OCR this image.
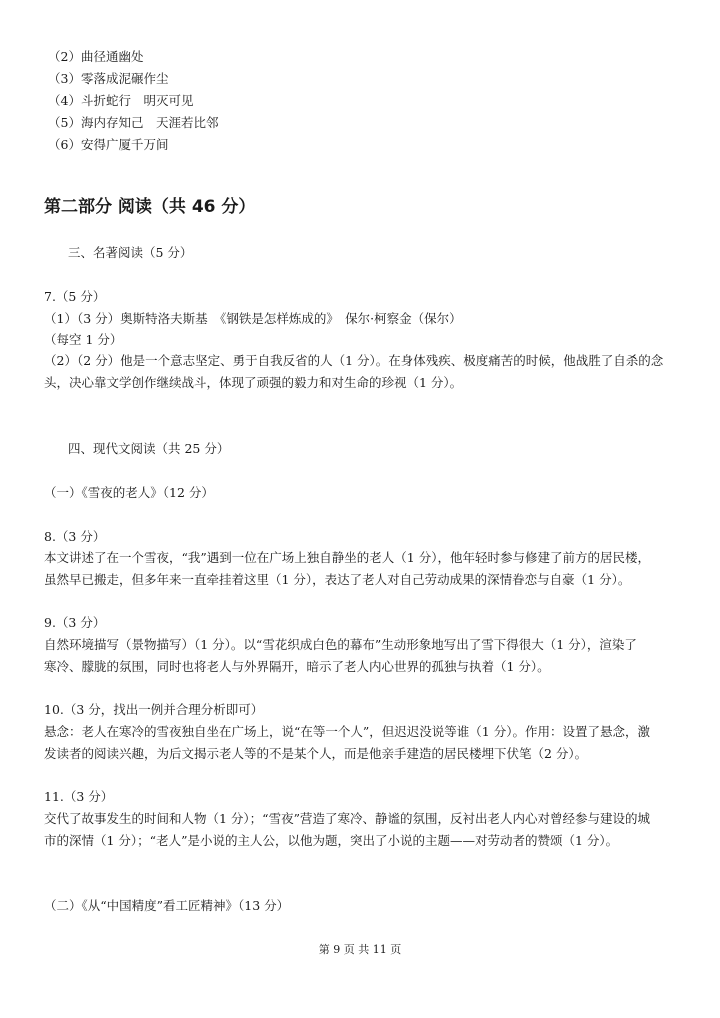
（2）曲径通幽处
（3）零落成泥碾作尘
（4）斗折蛇行　明灭可见
（5）海内存知己　天涯若比邻
（6）安得广厦千万间
第二部分 阅读（共 46 分）
三、名著阅读（5 分）
7.（5 分）
（1）（3 分）奥斯特洛夫斯基　《钢铁是怎样炼成的》　保尔·柯察金（保尔）
（每空 1 分）
（2）（2 分）他是一个意志坚定、勇于自我反省的人（1 分）。在身体残疾、极度痛苦的时候，他战胜了自杀的念
头，决心靠文学创作继续战斗，体现了顽强的毅力和对生命的珍视（1 分）。
四、现代文阅读（共 25 分）
（一）《雪夜的老人》（12 分）
8.（3 分）
本文讲述了在一个雪夜，“我”遇到一位在广场上独自静坐的老人（1 分），他年轻时参与修建了前方的居民楼，
虽然早已搬走，但多年来一直牵挂着这里（1 分），表达了老人对自己劳动成果的深情眷恋与自豪（1 分）。
9.（3 分）
自然环境描写（景物描写）（1 分）。以“雪花织成白色的幕布”生动形象地写出了雪下得很大（1 分），渲染了
寒冷、朦胧的氛围，同时也将老人与外界隔开，暗示了老人内心世界的孤独与执着（1 分）。
10.（3 分，找出一例并合理分析即可）
悬念：老人在寒冷的雪夜独自坐在广场上，说“在等一个人”，但迟迟没说等谁（1 分）。作用：设置了悬念，激
发读者的阅读兴趣，为后文揭示老人等的不是某个人，而是他亲手建造的居民楼埋下伏笔（2 分）。
11.（3 分）
交代了故事发生的时间和人物（1 分）；“雪夜”营造了寒冷、静谧的氛围，反衬出老人内心对曾经参与建设的城
市的深情（1 分）；“老人”是小说的主人公，以他为题，突出了小说的主题——对劳动者的赞颂（1 分）。
（二）《从“中国精度”看工匠精神》（13 分）
第 9 页 共 11 页
